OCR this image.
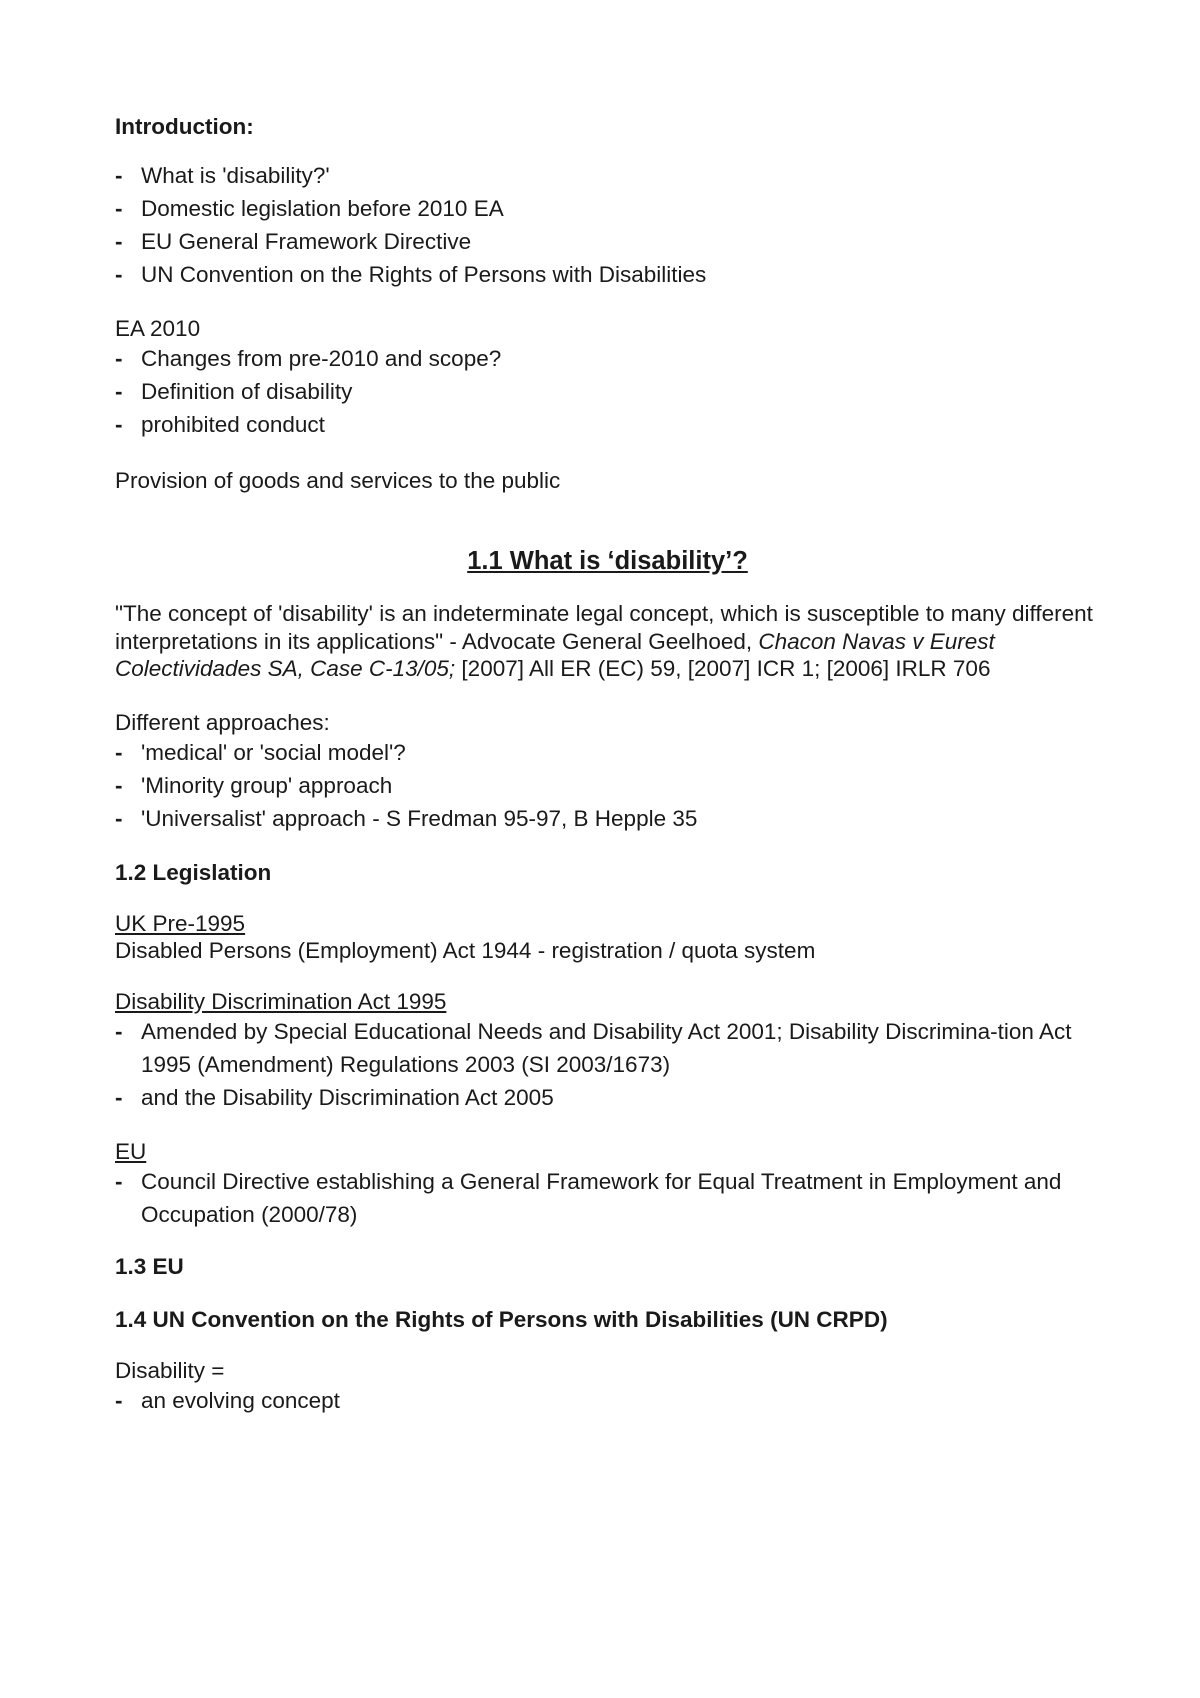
Introduction:

- What is 'disability?'
- Domestic legislation before 2010 EA
- EU General Framework Directive
- UN Convention on the Rights of Persons with Disabilities

EA 2010

- Changes from pre-2010 and scope?
- Definition of disability
- prohibited conduct

Provision of goods and services to the public

1.1 What is ‘disability’?

"The concept of 'disability' is an indeterminate legal concept, which is susceptible to many different interpretations in its applications" - Advocate General Geelhoed, Chacon Navas v Eurest Colectividades SA, Case C-13/05; [2007] All ER (EC) 59, [2007] ICR 1; [2006] IRLR 706

Different approaches:

- 'medical' or 'social model'?
- 'Minority group' approach
- 'Universalist' approach - S Fredman 95-97, B Hepple 35

1.2 Legislation

UK Pre-1995

Disabled Persons (Employment) Act 1944 - registration / quota system

Disability Discrimination Act 1995

- Amended by Special Educational Needs and Disability Act 2001; Disability Discrimina-tion Act 1995 (Amendment) Regulations 2003 (SI 2003/1673)
- and the Disability Discrimination Act 2005

EU

- Council Directive establishing a General Framework for Equal Treatment in Employment and Occupation (2000/78)

1.3 EU

1.4 UN Convention on the Rights of Persons with Disabilities (UN CRPD)

Disability =

- an evolving concept
